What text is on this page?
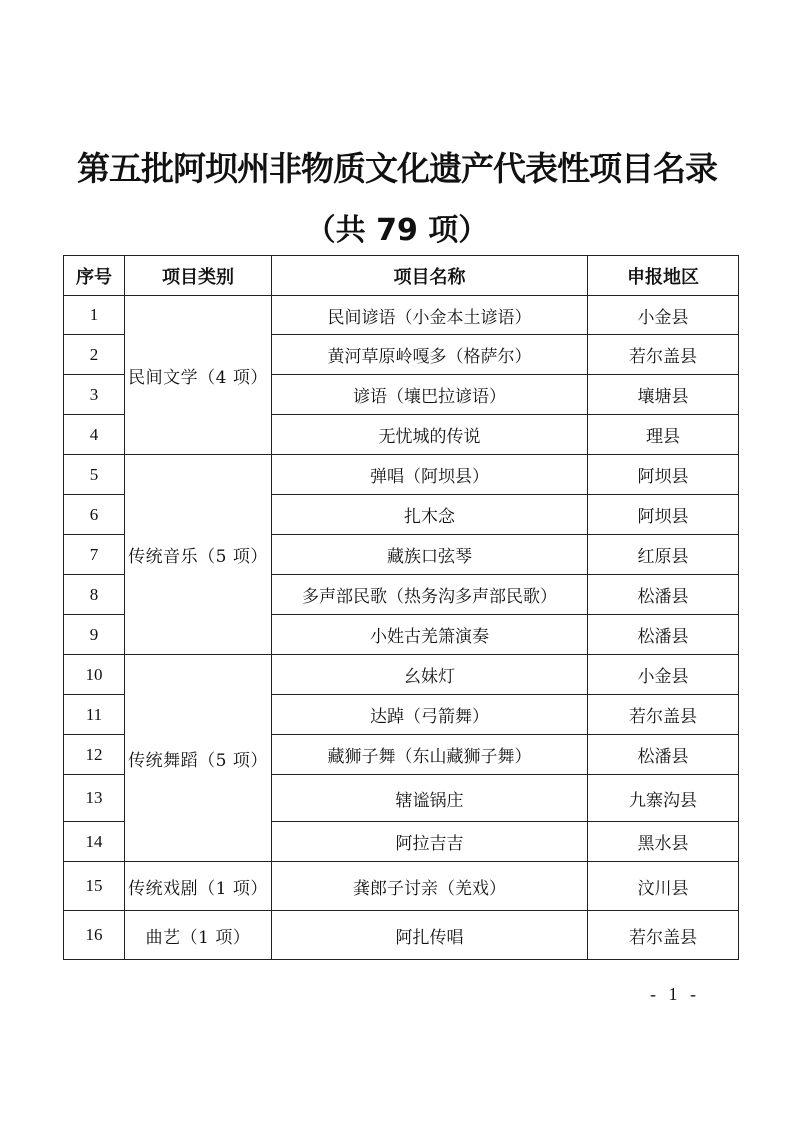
第五批阿坝州非物质文化遗产代表性项目名录
（共 79 项）
序号	项目类别	项目名称	申报地区
1	民间文学（4 项）	民间谚语（小金本土谚语）	小金县
2		黄河草原岭嘎多（格萨尔）	若尔盖县
3		谚语（壤巴拉谚语）	壤塘县
4		无忧城的传说	理县
5	传统音乐（5 项）	弹唱（阿坝县）	阿坝县
6		扎木念	阿坝县
7		藏族口弦琴	红原县
8		多声部民歌（热务沟多声部民歌）	松潘县
9		小姓古羌箫演奏	松潘县
10	传统舞蹈（5 项）	幺妹灯	小金县
11		达踔（弓箭舞）	若尔盖县
12		藏狮子舞（东山藏狮子舞）	松潘县
13		辖谧锅庄	九寨沟县
14		阿拉吉吉	黑水县
15	传统戏剧（1 项）	龚郎子讨亲（羌戏）	汶川县
16	曲艺（1 项）	阿扎传唱	若尔盖县
- 1 -
